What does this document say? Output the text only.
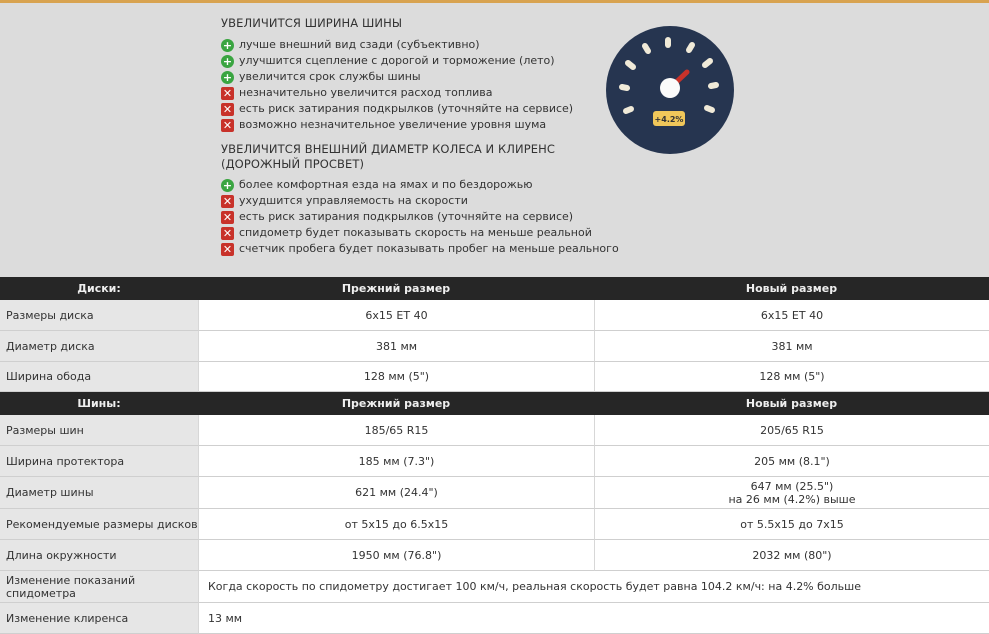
УВЕЛИЧИТСЯ ШИРИНА ШИНЫ
+ лучше внешний вид сзади (субъективно)
+ улучшится сцепление с дорогой и торможение (лето)
+ увеличится срок службы шины
✕ незначительно увеличится расход топлива
✕ есть риск затирания подкрылков (уточняйте на сервисе)
✕ возможно незначительное увеличение уровня шума
УВЕЛИЧИТСЯ ВНЕШНИЙ ДИАМЕТР КОЛЕСА И КЛИРЕНС
(ДОРОЖНЫЙ ПРОСВЕТ)
+ более комфортная езда на ямах и по бездорожью
✕ ухудшится управляемость на скорости
✕ есть риск затирания подкрылков (уточняйте на сервисе)
✕ спидометр будет показывать скорость на меньше реальной
✕ счетчик пробега будет показывать пробег на меньше реального
+4.2%
Диски:	Прежний размер	Новый размер
Размеры диска	6x15 ET 40	6x15 ET 40
Диаметр диска	381 мм	381 мм
Ширина обода	128 мм (5")	128 мм (5")
Шины:	Прежний размер	Новый размер
Размеры шин	185/65 R15	205/65 R15
Ширина протектора	185 мм (7.3")	205 мм (8.1")
Диаметр шины	621 мм (24.4")	647 мм (25.5")
на 26 мм (4.2%) выше
Рекомендуемые размеры дисков	от 5x15 до 6.5x15	от 5.5x15 до 7x15
Длина окружности	1950 мм (76.8")	2032 мм (80")
Изменение показаний спидометра	Когда скорость по спидометру достигает 100 км/ч, реальная скорость будет равна 104.2 км/ч: на 4.2% больше
Изменение клиренса	13 мм
